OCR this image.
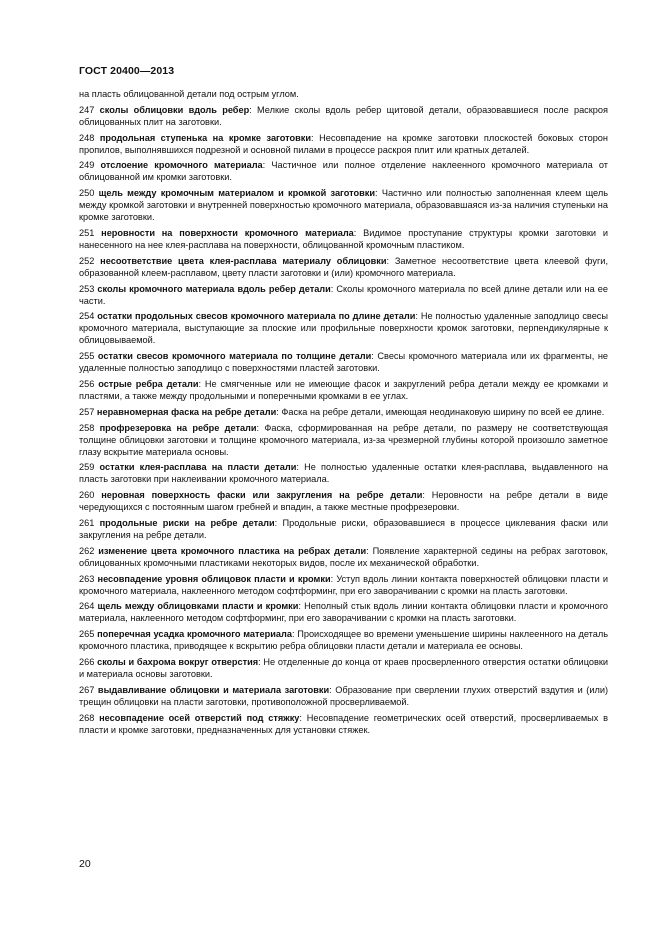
ГОСТ 20400—2013

на пласть облицованной детали под острым углом.

247 сколы облицовки вдоль ребер: Мелкие сколы вдоль ребер щитовой детали, образовавшиеся после раскроя облицованных плит на заготовки.

248 продольная ступенька на кромке заготовки: Несовпадение на кромке заготовки плоскостей боковых сторон пропилов, выполнявшихся подрезной и основной пилами в процессе раскроя плит или кратных деталей.

249 отслоение кромочного материала: Частичное или полное отделение наклеенного кромочного материала от облицованной им кромки заготовки.

250 щель между кромочным материалом и кромкой заготовки: Частично или полностью заполненная клеем щель между кромкой заготовки и внутренней поверхностью кромочного материала, образовавшаяся из-за наличия ступеньки на кромке заготовки.

251 неровности на поверхности кромочного материала: Видимое проступание структуры кромки заготовки и нанесенного на нее клея-расплава на поверхности, облицованной кромочным пластиком.

252 несоответствие цвета клея-расплава материалу облицовки: Заметное несоответствие цвета клеевой фуги, образованной клеем-расплавом, цвету пласти заготовки и (или) кромочного материала.

253 сколы кромочного материала вдоль ребер детали: Сколы кромочного материала по всей длине детали или на ее части.

254 остатки продольных свесов кромочного материала по длине детали: Не полностью удаленные заподлицо свесы кромочного материала, выступающие за плоские или профильные поверхности кромок заготовки, перпендикулярные к облицовываемой.

255 остатки свесов кромочного материала по толщине детали: Свесы кромочного материала или их фрагменты, не удаленные полностью заподлицо с поверхностями пластей заготовки.

256 острые ребра детали: Не смягченные или не имеющие фасок и закруглений ребра детали между ее кромками и пластями, а также между продольными и поперечными кромками в ее углах.

257 неравномерная фаска на ребре детали: Фаска на ребре детали, имеющая неодинаковую ширину по всей ее длине.

258 профрезеровка на ребре детали: Фаска, сформированная на ребре детали, по размеру не соответствующая толщине облицовки заготовки и толщине кромочного материала, из-за чрезмерной глубины которой произошло заметное глазу вскрытие материала основы.

259 остатки клея-расплава на пласти детали: Не полностью удаленные остатки клея-расплава, выдавленного на пласть заготовки при наклеивании кромочного материала.

260 неровная поверхность фаски или закругления на ребре детали: Неровности на ребре детали в виде чередующихся с постоянным шагом гребней и впадин, а также местные профрезеровки.

261 продольные риски на ребре детали: Продольные риски, образовавшиеся в процессе циклевания фаски или закругления на ребре детали.

262 изменение цвета кромочного пластика на ребрах детали: Появление характерной седины на ребрах заготовок, облицованных кромочными пластиками некоторых видов, после их механической обработки.

263 несовпадение уровня облицовок пласти и кромки: Уступ вдоль линии контакта поверхностей облицовки пласти и кромочного материала, наклеенного методом софтформинг, при его заворачивании с кромки на пласть заготовки.

264 щель между облицовками пласти и кромки: Неполный стык вдоль линии контакта облицовки пласти и кромочного материала, наклеенного методом софтформинг, при его заворачивании с кромки на пласть заготовки.

265 поперечная усадка кромочного материала: Происходящее во времени уменьшение ширины наклеенного на деталь кромочного пластика, приводящее к вскрытию ребра облицовки пласти детали и материала ее основы.

266 сколы и бахрома вокруг отверстия: Не отделенные до конца от краев просверленного отверстия остатки облицовки и материала основы заготовки.

267 выдавливание облицовки и материала заготовки: Образование при сверлении глухих отверстий вздутия и (или) трещин облицовки на пласти заготовки, противоположной просверливаемой.

268 несовпадение осей отверстий под стяжку: Несовпадение геометрических осей отверстий, просверливаемых в пласти и кромке заготовки, предназначенных для установки стяжек.

20
